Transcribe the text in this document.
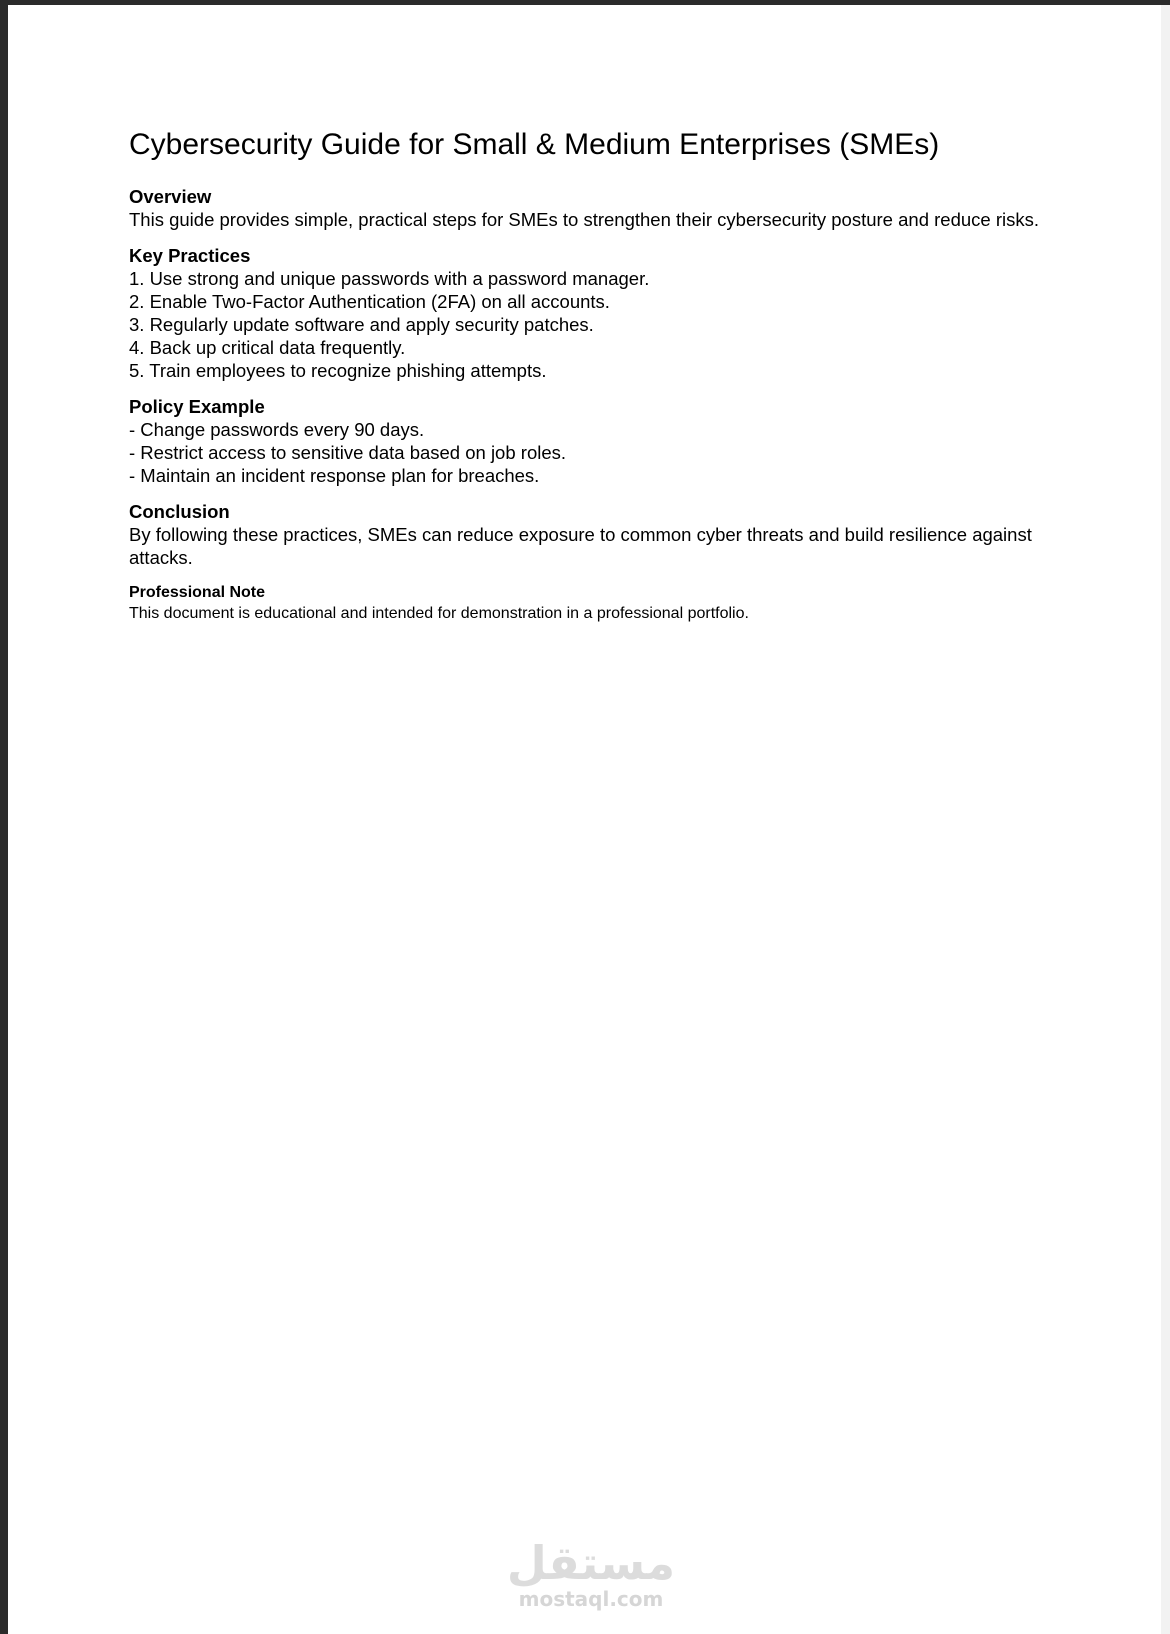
Cybersecurity Guide for Small & Medium Enterprises (SMEs)

Overview

This guide provides simple, practical steps for SMEs to strengthen their cybersecurity posture and reduce risks.

Key Practices

1. Use strong and unique passwords with a password manager.

2. Enable Two-Factor Authentication (2FA) on all accounts.

3. Regularly update software and apply security patches.

4. Back up critical data frequently.

5. Train employees to recognize phishing attempts.

Policy Example

- Change passwords every 90 days.

- Restrict access to sensitive data based on job roles.

- Maintain an incident response plan for breaches.

Conclusion

By following these practices, SMEs can reduce exposure to common cyber threats and build resilience against attacks.

Professional Note

This document is educational and intended for demonstration in a professional portfolio.

مستقل
mostaql.com
